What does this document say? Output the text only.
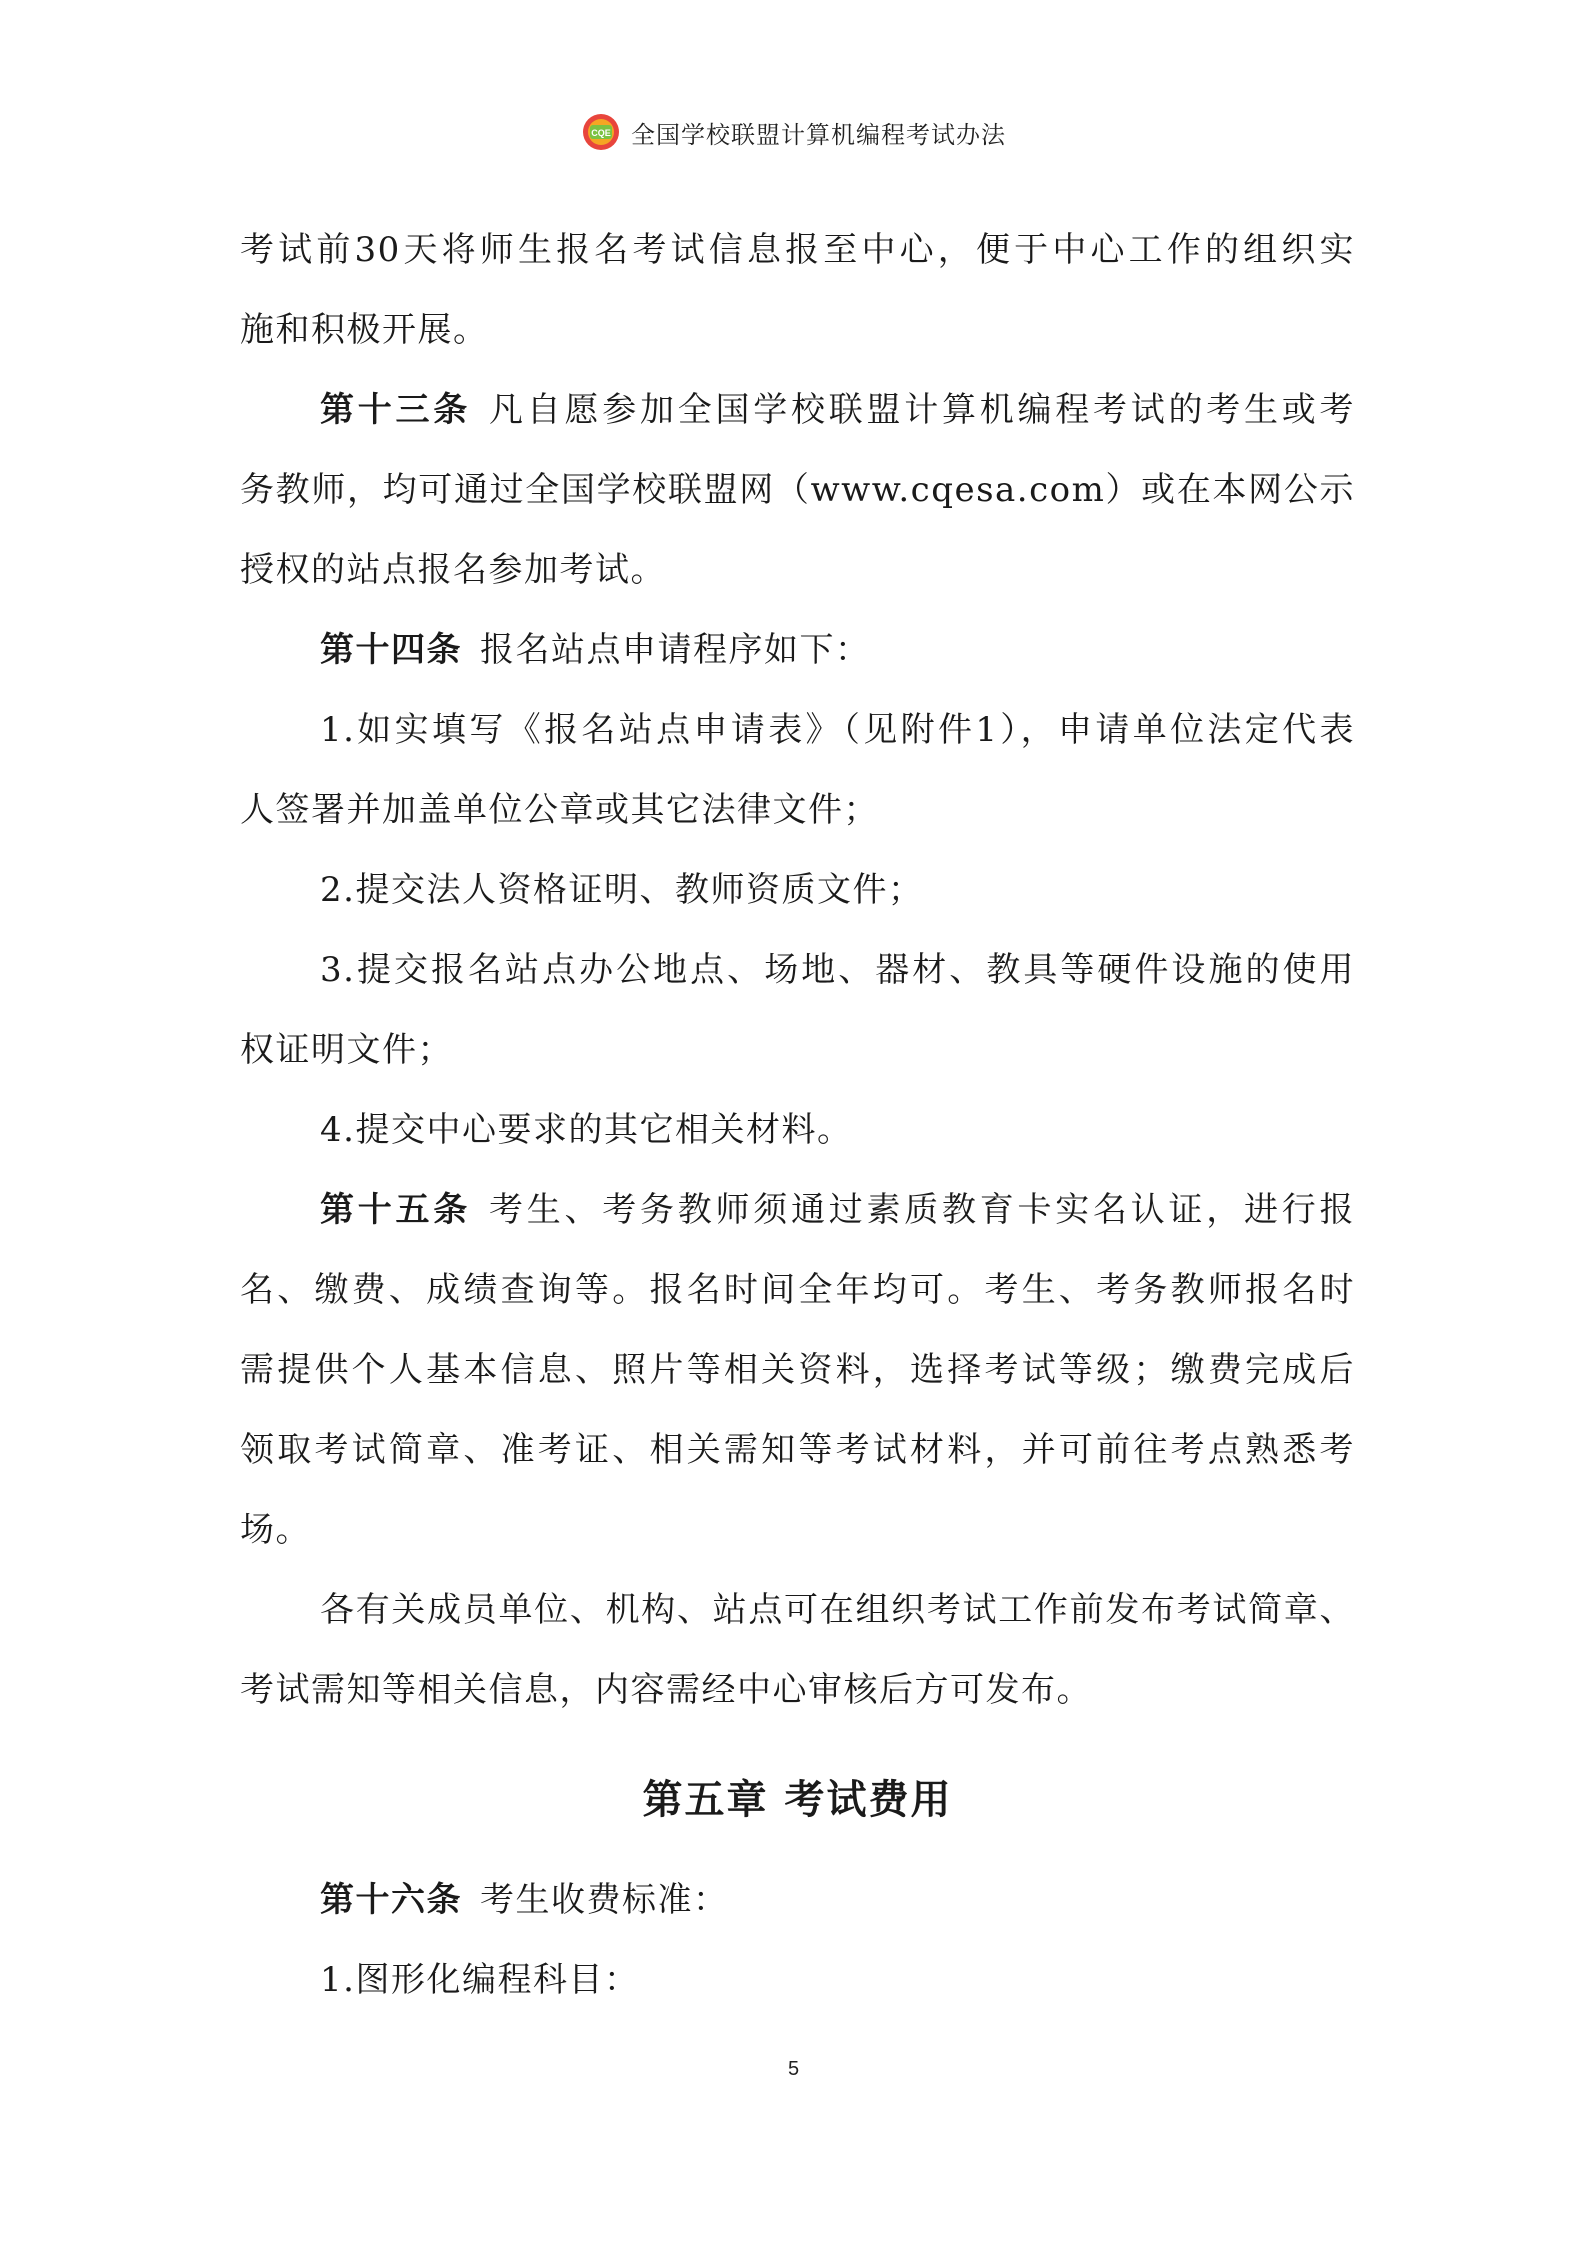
CQE 全国学校联盟计算机编程考试办法
考试前30天将师生报名考试信息报至中心，便于中心工作的组织实
施和积极开展。
第十三条 凡自愿参加全国学校联盟计算机编程考试的考生或考
务教师，均可通过全国学校联盟网（www.cqesa.com）或在本网公示
授权的站点报名参加考试。
第十四条 报名站点申请程序如下：
1.如实填写《报名站点申请表》（见附件1），申请单位法定代表
人签署并加盖单位公章或其它法律文件；
2.提交法人资格证明、教师资质文件；
3.提交报名站点办公地点、场地、器材、教具等硬件设施的使用
权证明文件；
4.提交中心要求的其它相关材料。
第十五条 考生、考务教师须通过素质教育卡实名认证，进行报
名、缴费、成绩查询等。报名时间全年均可。考生、考务教师报名时
需提供个人基本信息、照片等相关资料，选择考试等级；缴费完成后
领取考试简章、准考证、相关需知等考试材料，并可前往考点熟悉考
场。
各有关成员单位、机构、站点可在组织考试工作前发布考试简章、
考试需知等相关信息，内容需经中心审核后方可发布。
第五章 考试费用
第十六条 考生收费标准：
1.图形化编程科目：
5
